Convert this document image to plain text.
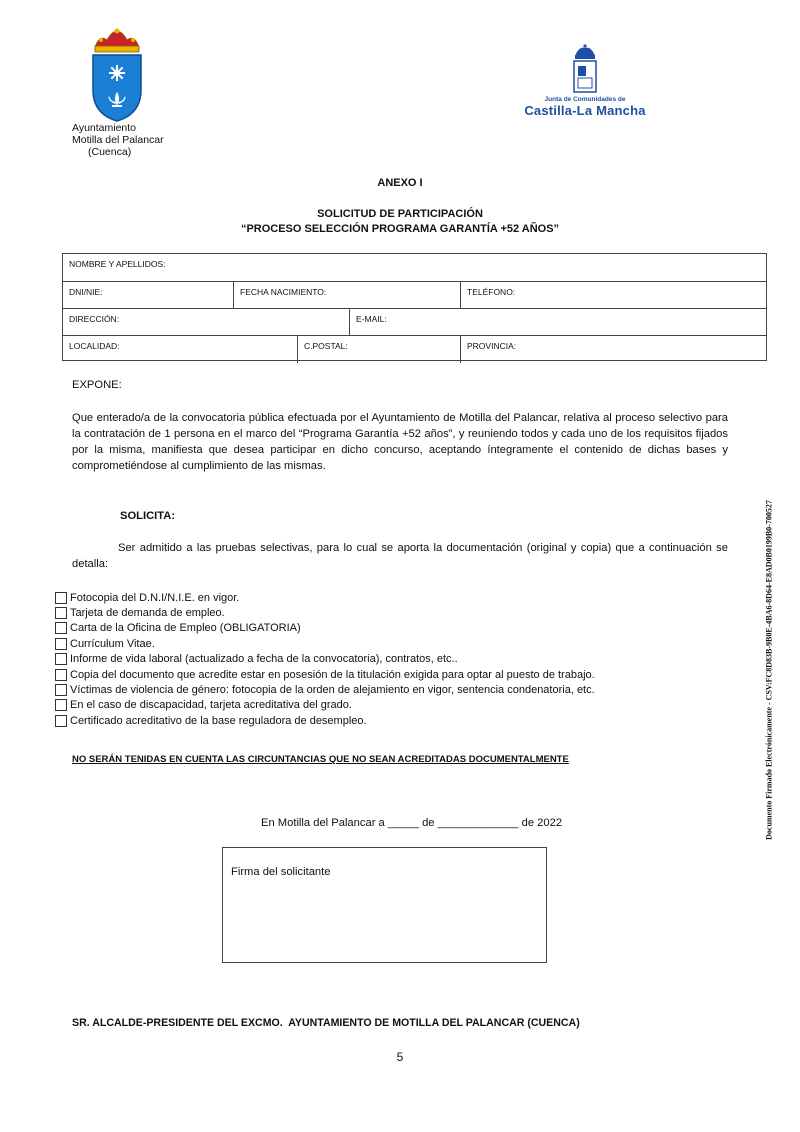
Ayuntamiento
Motilla del Palancar
(Cuenca)
Junta de Comunidades de
Castilla-La Mancha
ANEXO I
SOLICITUD DE PARTICIPACIÓN
“PROCESO SELECCIÓN PROGRAMA GARANTÍA +52 AÑOS”
NOMBRE Y APELLIDOS:
DNI/NIE:	FECHA NACIMIENTO:	TELÉFONO:
DIRECCIÓN:	E-MAIL:
LOCALIDAD:	C.POSTAL:	PROVINCIA:
EXPONE:
Que enterado/a de la convocatoria pública efectuada por el Ayuntamiento de Motilla del Palancar, relativa al proceso selectivo para la contratación de 1 persona en el marco del “Programa Garantía +52 años”, y reuniendo todos y cada uno de los requisitos fijados por la misma, manifiesta que desea participar en dicho concurso, aceptando íntegramente el contenido de dichas bases y comprometiéndose al cumplimiento de las mismas.
SOLICITA:
Ser admitido a las pruebas selectivas, para lo cual se aporta la documentación (original y copia) que a continuación se detalla:
Fotocopia del D.N.I/N.I.E. en vigor.
Tarjeta de demanda de empleo.
Carta de la Oficina de Empleo (OBLIGATORIA)
Currículum Vitae.
Informe de vida laboral (actualizado a fecha de la convocatoria), contratos, etc..
Copia del documento que acredite estar en posesión de la titulación exigida para optar al puesto de trabajo.
Víctimas de violencia de género: fotocopia de la orden de alejamiento en vigor, sentencia condenatoria, etc.
En el caso de discapacidad, tarjeta acreditativa del grado.
Certificado acreditativo de la base reguladora de desempleo.
NO SERÁN TENIDAS EN CUENTA LAS CIRCUNTANCIAS QUE NO SEAN ACREDITADAS DOCUMENTALMENTE
En Motilla del Palancar a _____ de _____________ de 2022
Firma del solicitante
SR. ALCALDE-PRESIDENTE DEL EXCMO.  AYUNTAMIENTO DE MOTILLA DEL PALANCAR (CUENCA)
5
Documento Firmado Electrónicamente - CSV:FC8D83B-9B0E-4BA6-8D64-E8AD0B0199B0-700527
